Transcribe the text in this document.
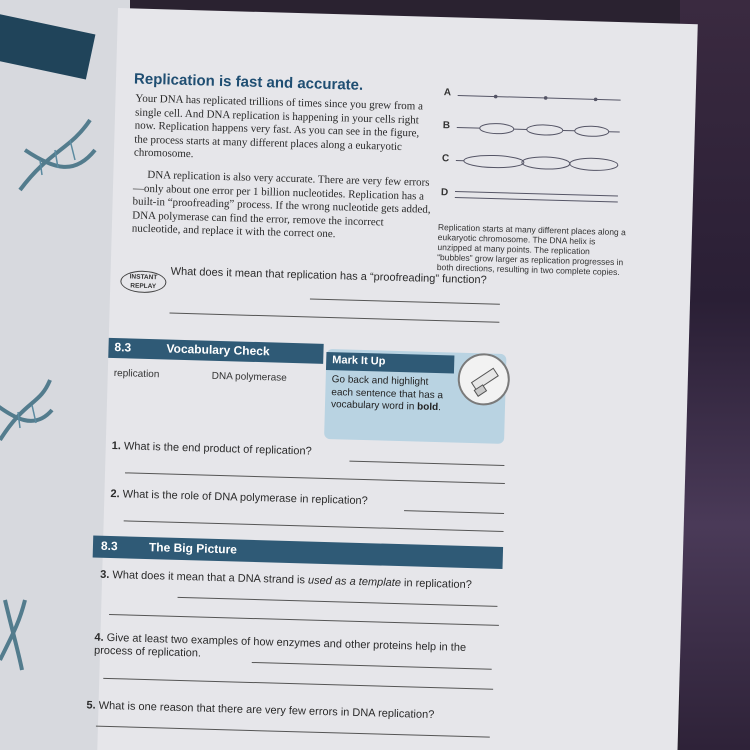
Replication is fast and accurate.

Your DNA has replicated trillions of times since you grew from a single cell. And DNA replication is happening in your cells right now. Replication happens very fast. As you can see in the figure, the process starts at many different places along a eukaryotic chromosome.

DNA replication is also very accurate. There are very few errors—only about one error per 1 billion nucleotides. Replication has a built-in “proofreading” process. If the wrong nucleotide gets added, DNA polymerase can find the error, remove the incorrect nucleotide, and replace it with the correct one.

A
B
C
D

Replication starts at many different places along a eukaryotic chromosome. The DNA helix is unzipped at many points. The replication “bubbles” grow larger as replication progresses in both directions, resulting in two complete copies.

INSTANT
REPLAY	What does it mean that replication has a “proofreading” function?
8.3	Vocabulary Check
replication	DNA polymerase
Mark It Up

Go back and highlight each sentence that has a vocabulary word in bold.

1. What is the end product of replication?
2. What is the role of DNA polymerase in replication?
8.3	The Big Picture
3. What does it mean that a DNA strand is used as a template in replication?
4. Give at least two examples of how enzymes and other proteins help in the process of replication.
5. What is one reason that there are very few errors in DNA replication?
